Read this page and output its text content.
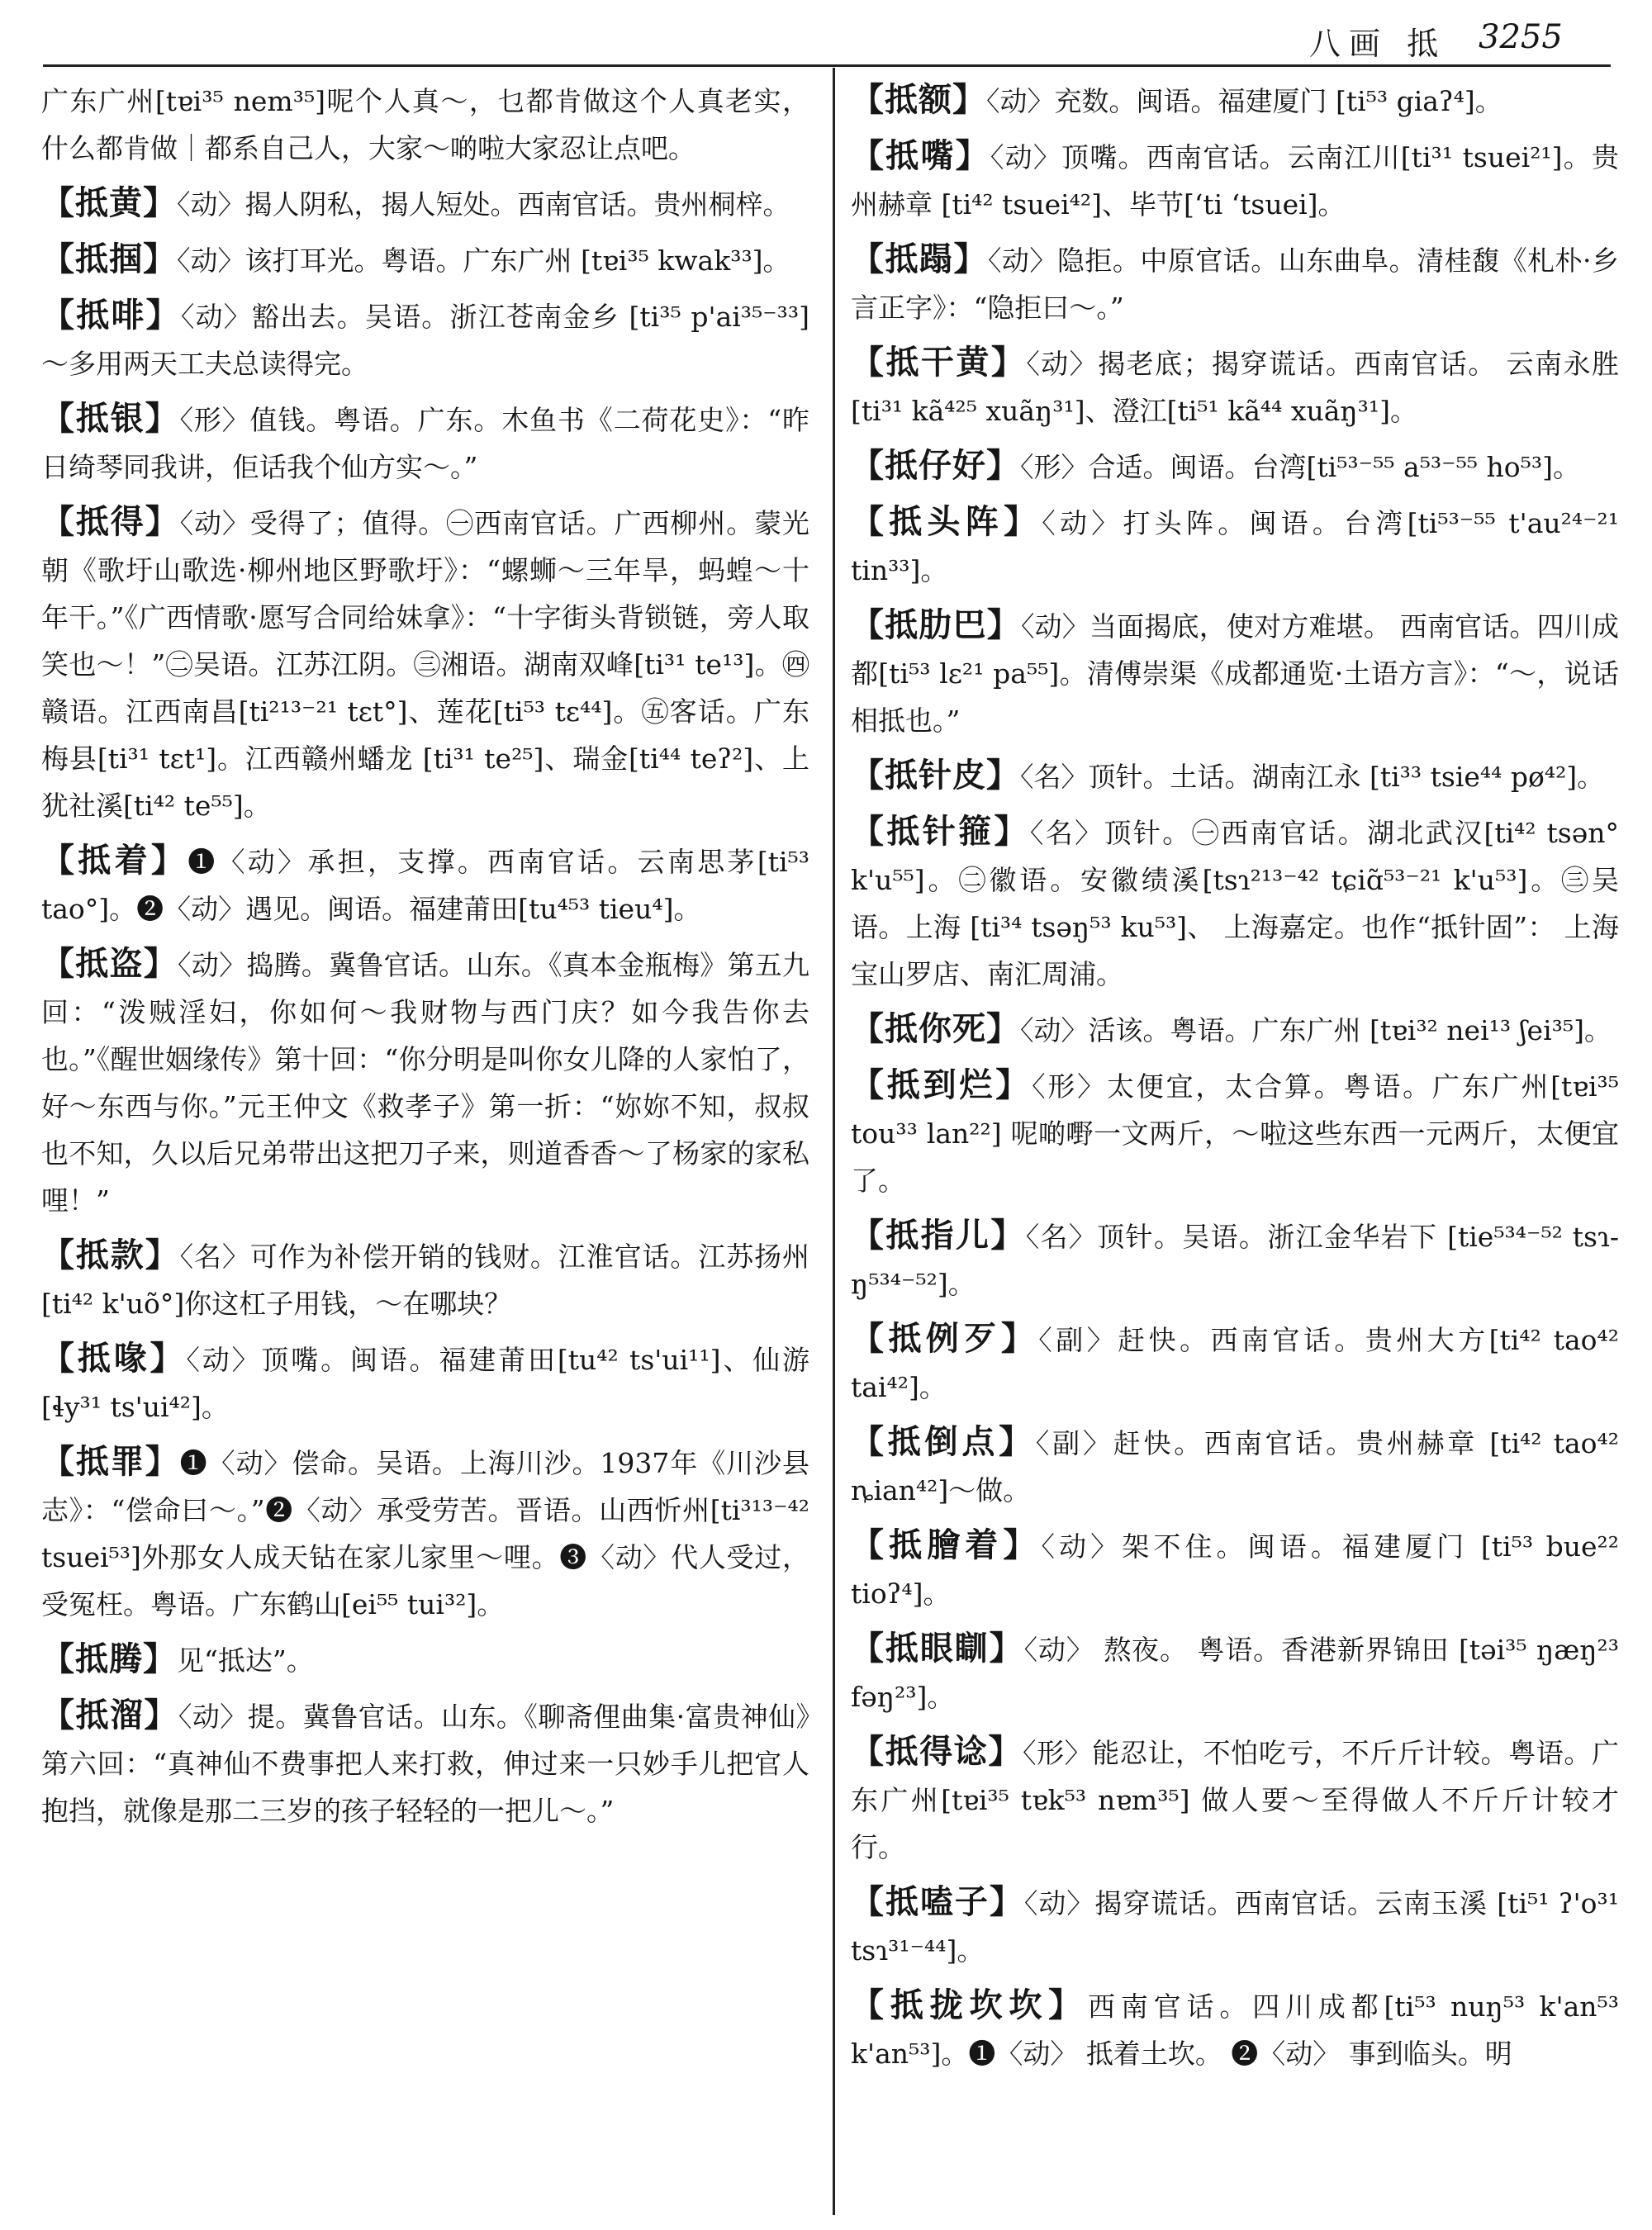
八画 抵 3255

广东广州[tɐi³⁵ nem³⁵]呢个人真～，乜都肯做这个人真老实，什么都肯做｜都系自己人，大家～啲啦大家忍让点吧。

【抵黄】〈动〉揭人阴私，揭人短处。西南官话。贵州桐梓。

【抵掴】〈动〉该打耳光。粤语。广东广州 [tɐi³⁵ kwak³³]。

【抵啡】〈动〉豁出去。吴语。浙江苍南金乡 [ti³⁵ p'ai³⁵⁻³³] ～多用两天工夫总读得完。

【抵银】〈形〉值钱。粤语。广东。木鱼书《二荷花史》：“昨日绮琴同我讲，佢话我个仙方实～。”

【抵得】〈动〉受得了；值得。㊀西南官话。广西柳州。蒙光朝《歌圩山歌选·柳州地区野歌圩》：“螺蛳～三年旱，蚂蝗～十年干。”《广西情歌·愿写合同给妹拿》：“十字街头背锁链，旁人取笑也～！”㊁吴语。江苏江阴。㊂湘语。湖南双峰[ti³¹ te¹³]。㊃赣语。江西南昌[ti²¹³⁻²¹ tɛt°]、莲花[ti⁵³ tɛ⁴⁴]。㊄客话。广东梅县[ti³¹ tɛt¹]。江西赣州蟠龙 [ti³¹ te²⁵]、瑞金[ti⁴⁴ teʔ²]、上犹社溪[ti⁴² te⁵⁵]。

【抵着】❶〈动〉承担，支撑。西南官话。云南思茅[ti⁵³ tao°]。❷〈动〉遇见。闽语。福建莆田[tu⁴⁵³ tieu⁴]。

【抵盗】〈动〉捣腾。冀鲁官话。山东。《真本金瓶梅》第五九回：“泼贼淫妇，你如何～我财物与西门庆？如今我告你去也。”《醒世姻缘传》第十回：“你分明是叫你女儿降的人家怕了，好～东西与你。”元王仲文《救孝子》第一折：“妳妳不知，叔叔也不知，久以后兄弟带出这把刀子来，则道香香～了杨家的家私哩！”

【抵款】〈名〉可作为补偿开销的钱财。江淮官话。江苏扬州 [ti⁴² k'uõ°]你这杠子用钱，～在哪块？

【抵喙】〈动〉顶嘴。闽语。福建莆田[tu⁴² ts'ui¹¹]、仙游[ɬy³¹ ts'ui⁴²]。

【抵罪】❶〈动〉偿命。吴语。上海川沙。1937年《川沙县志》：“偿命曰～。”❷〈动〉承受劳苦。晋语。山西忻州[ti³¹³⁻⁴² tsuei⁵³]外那女人成天钻在家儿家里～哩。❸〈动〉代人受过，受冤枉。粤语。广东鹤山[ei⁵⁵ tui³²]。

【抵腾】见“抵达”。

【抵溜】〈动〉提。冀鲁官话。山东。《聊斋俚曲集·富贵神仙》第六回：“真神仙不费事把人来打救，伸过来一只妙手儿把官人抱挡，就像是那二三岁的孩子轻轻的一把儿～。”

【抵额】〈动〉充数。闽语。福建厦门 [ti⁵³ giaʔ⁴]。

【抵嘴】〈动〉顶嘴。西南官话。云南江川[ti³¹ tsuei²¹]。贵州赫章 [ti⁴² tsuei⁴²]、毕节[ʻti ʻtsuei]。

【抵蹋】〈动〉隐拒。中原官话。山东曲阜。清桂馥《札朴·乡言正字》：“隐拒曰～。”

【抵干黄】〈动〉揭老底；揭穿谎话。西南官话。 云南永胜[ti³¹ kã⁴²⁵ xuãŋ³¹]、澄江[ti⁵¹ kã⁴⁴ xuãŋ³¹]。

【抵仔好】〈形〉合适。闽语。台湾[ti⁵³⁻⁵⁵ a⁵³⁻⁵⁵ ho⁵³]。

【抵头阵】〈动〉打头阵。闽语。台湾[ti⁵³⁻⁵⁵ t'au²⁴⁻²¹ tin³³]。

【抵肋巴】〈动〉当面揭底，使对方难堪。 西南官话。四川成都[ti⁵³ lɛ²¹ pa⁵⁵]。清傅崇渠《成都通览·土语方言》：“～，说话相抵也。”

【抵针皮】〈名〉顶针。土话。湖南江永 [ti³³ tsie⁴⁴ pø⁴²]。

【抵针箍】〈名〉顶针。㊀西南官话。湖北武汉[ti⁴² tsən° k'u⁵⁵]。㊁徽语。安徽绩溪[tsɿ²¹³⁻⁴² tɕiɑ̃⁵³⁻²¹ k'u⁵³]。㊂吴语。上海 [ti³⁴ tsəŋ⁵³ ku⁵³]、 上海嘉定。也作“抵针固”： 上海宝山罗店、南汇周浦。

【抵你死】〈动〉活该。粤语。广东广州 [tɐi³² nei¹³ ʃei³⁵]。

【抵到烂】〈形〉太便宜，太合算。粤语。广东广州[tɐi³⁵ tou³³ lan²²] 呢啲嘢一文两斤，～啦这些东西一元两斤，太便宜了。

【抵指儿】〈名〉顶针。吴语。浙江金华岩下 [tie⁵³⁴⁻⁵² tsɿ-ŋ⁵³⁴⁻⁵²]。

【抵例歹】〈副〉赶快。西南官话。贵州大方[ti⁴² tao⁴² tai⁴²]。

【抵倒点】〈副〉赶快。西南官话。贵州赫章 [ti⁴² tao⁴² ȵian⁴²]～做。

【抵膾着】〈动〉架不住。闽语。福建厦门 [ti⁵³ bue²² tioʔ⁴]。

【抵眼瞓】〈动〉 熬夜。 粤语。香港新界锦田 [təi³⁵ ŋæŋ²³ fəŋ²³]。

【抵得谂】〈形〉能忍让，不怕吃亏，不斤斤计较。粤语。广东广州[tɐi³⁵ tɐk⁵³ nɐm³⁵] 做人要～至得做人不斤斤计较才行。

【抵嗑子】〈动〉揭穿谎话。西南官话。云南玉溪 [ti⁵¹ ʔ'o³¹ tsɿ³¹⁻⁴⁴]。

【抵拢坎坎】西南官话。四川成都[ti⁵³ nuŋ⁵³ k'an⁵³ k'an⁵³]。❶〈动〉 抵着土坎。 ❷〈动〉 事到临头。明
